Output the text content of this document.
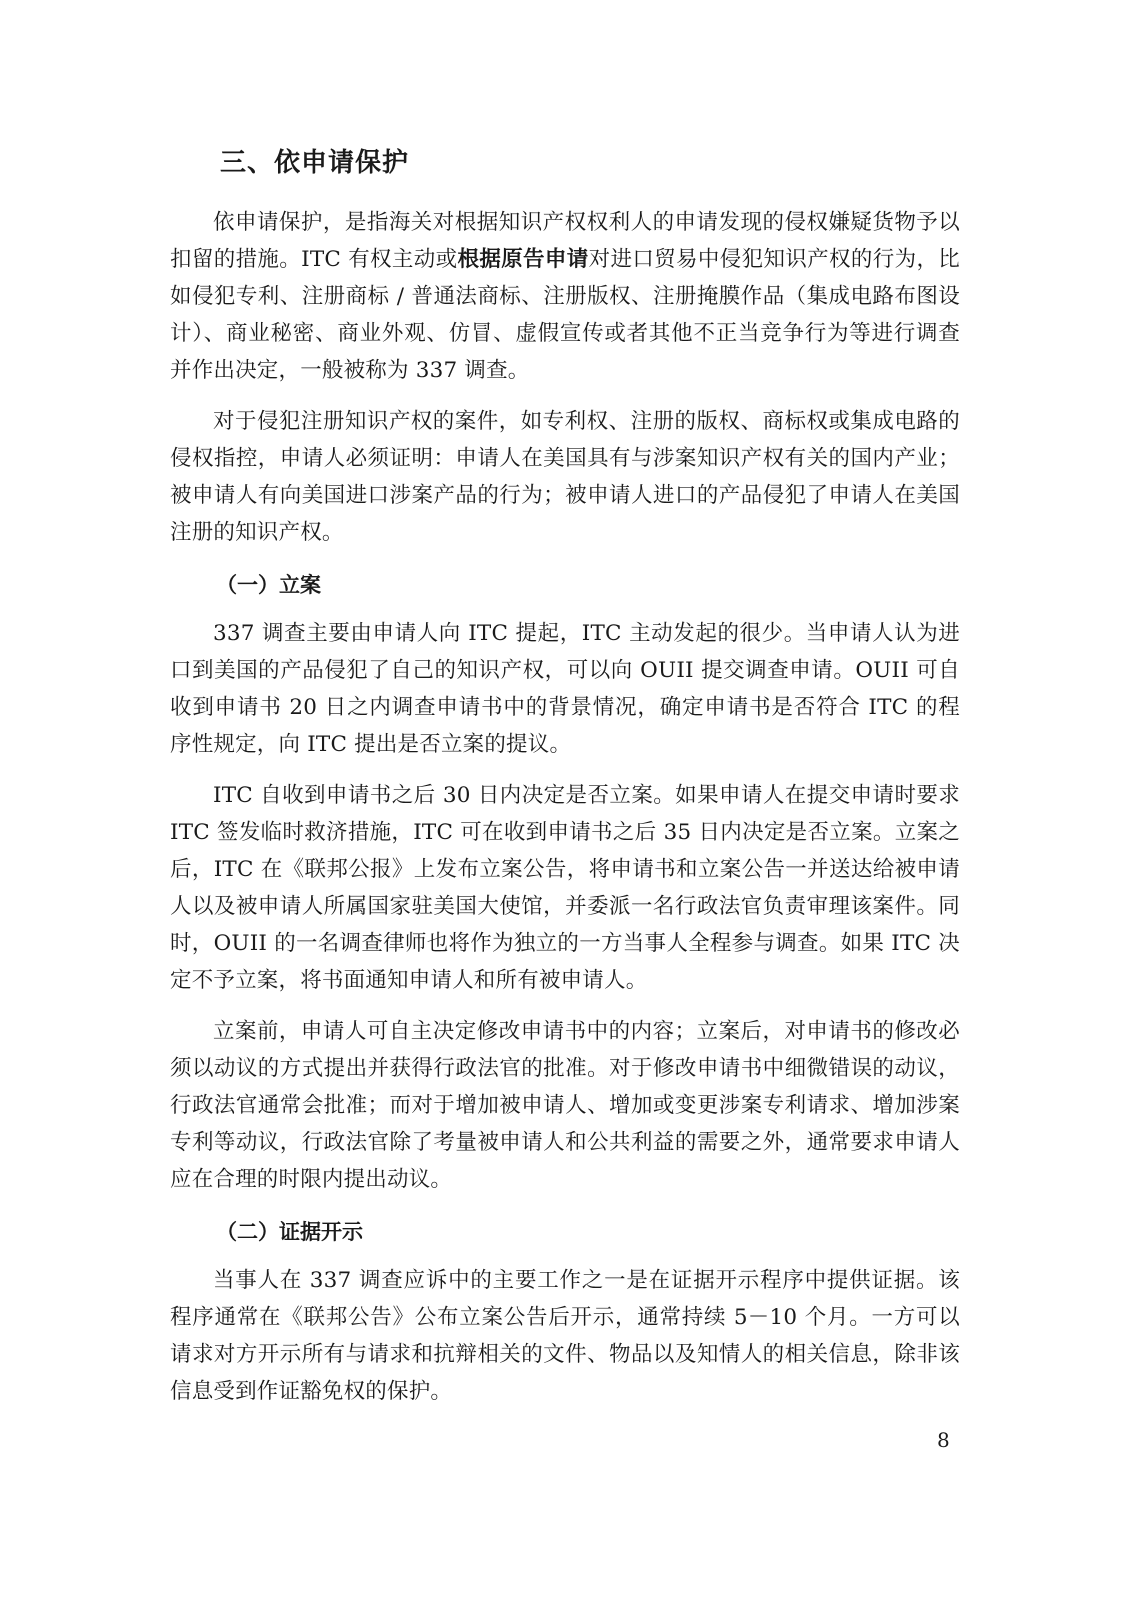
三、依申请保护

依申请保护，是指海关对根据知识产权权利人的申请发现的侵权嫌疑货物予以扣留的措施。ITC 有权主动或根据原告申请对进口贸易中侵犯知识产权的行为，比如侵犯专利、注册商标 / 普通法商标、注册版权、注册掩膜作品（集成电路布图设计）、商业秘密、商业外观、仿冒、虚假宣传或者其他不正当竞争行为等进行调查并作出决定，一般被称为 337 调查。

对于侵犯注册知识产权的案件，如专利权、注册的版权、商标权或集成电路的侵权指控，申请人必须证明：申请人在美国具有与涉案知识产权有关的国内产业；被申请人有向美国进口涉案产品的行为；被申请人进口的产品侵犯了申请人在美国注册的知识产权。

（一）立案

337 调查主要由申请人向 ITC 提起，ITC 主动发起的很少。当申请人认为进口到美国的产品侵犯了自己的知识产权，可以向 OUII 提交调查申请。OUII 可自收到申请书 20 日之内调查申请书中的背景情况，确定申请书是否符合 ITC 的程序性规定，向 ITC 提出是否立案的提议。

ITC 自收到申请书之后 30 日内决定是否立案。如果申请人在提交申请时要求 ITC 签发临时救济措施，ITC 可在收到申请书之后 35 日内决定是否立案。立案之后，ITC 在《联邦公报》上发布立案公告，将申请书和立案公告一并送达给被申请人以及被申请人所属国家驻美国大使馆，并委派一名行政法官负责审理该案件。同时，OUII 的一名调查律师也将作为独立的一方当事人全程参与调查。如果 ITC 决定不予立案，将书面通知申请人和所有被申请人。

立案前，申请人可自主决定修改申请书中的内容；立案后，对申请书的修改必须以动议的方式提出并获得行政法官的批准。对于修改申请书中细微错误的动议，行政法官通常会批准；而对于增加被申请人、增加或变更涉案专利请求、增加涉案专利等动议，行政法官除了考量被申请人和公共利益的需要之外，通常要求申请人应在合理的时限内提出动议。

（二）证据开示

当事人在 337 调查应诉中的主要工作之一是在证据开示程序中提供证据。该程序通常在《联邦公告》公布立案公告后开示，通常持续 5－10 个月。一方可以请求对方开示所有与请求和抗辩相关的文件、物品以及知情人的相关信息，除非该信息受到作证豁免权的保护。

8
